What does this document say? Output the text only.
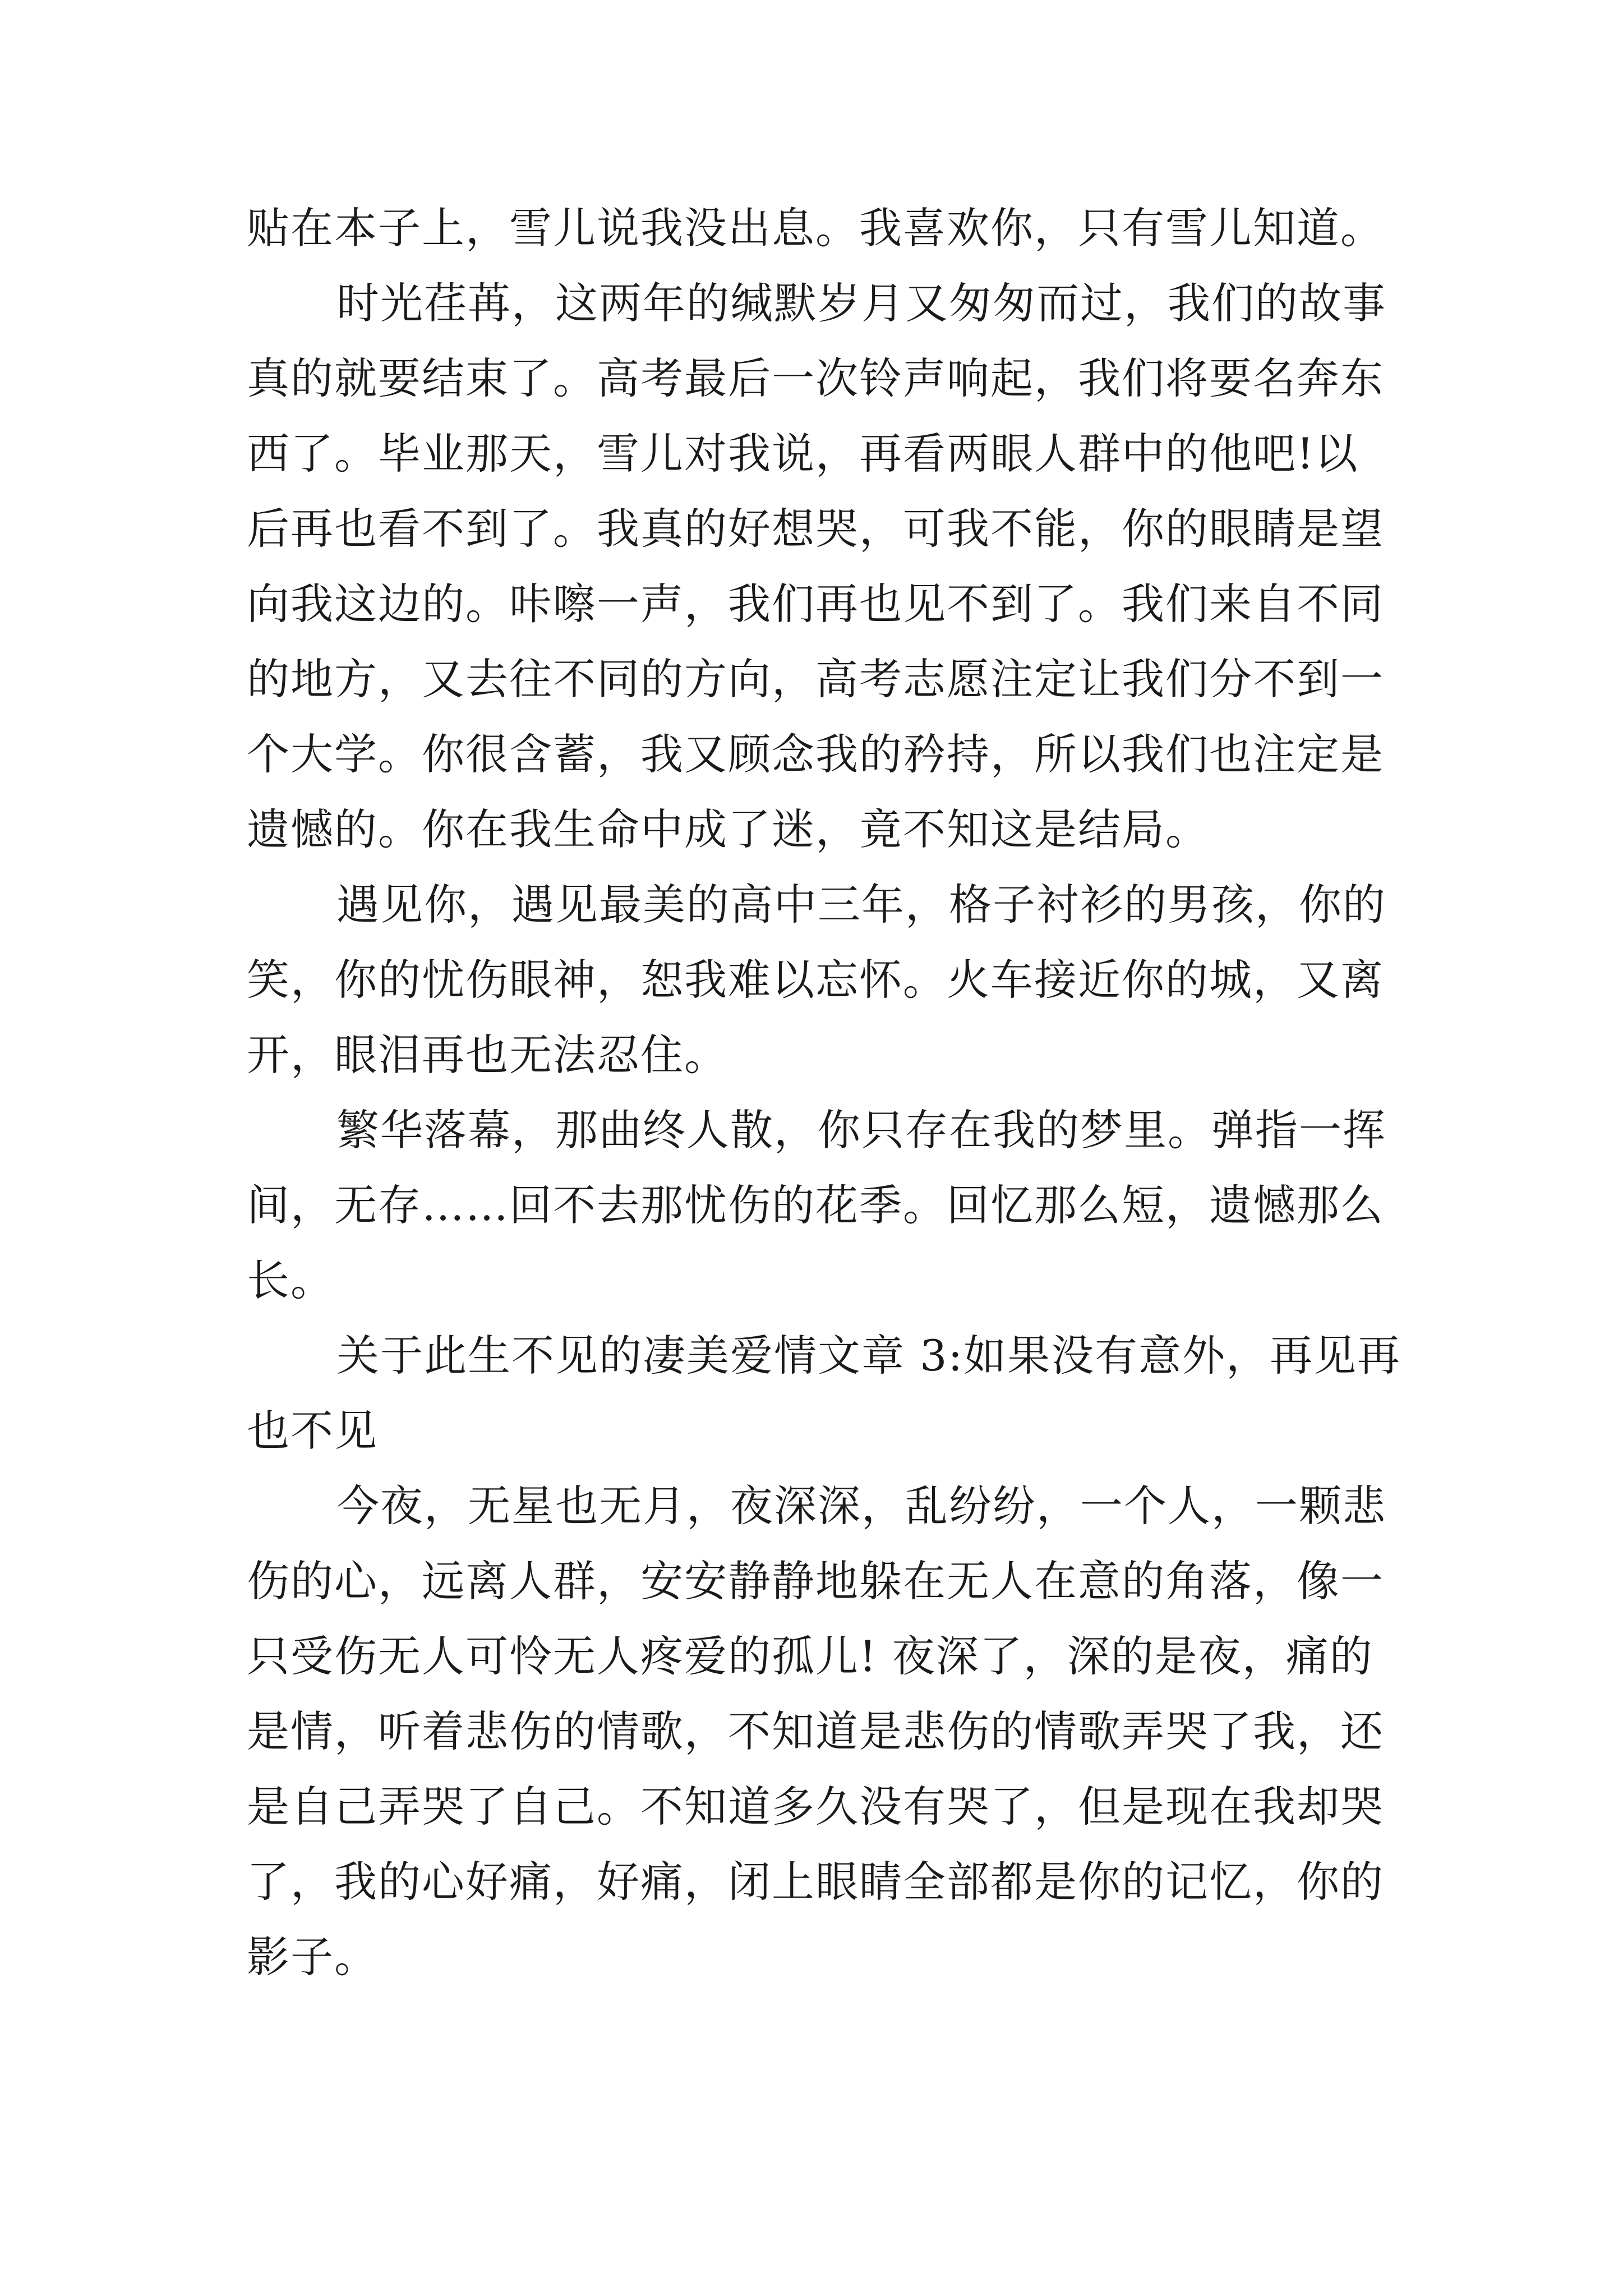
贴在本子上，雪儿说我没出息。我喜欢你，只有雪儿知道。
时光荏苒，这两年的缄默岁月又匆匆而过，我们的故事
真的就要结束了。高考最后一次铃声响起，我们将要名奔东
西了。毕业那天，雪儿对我说，再看两眼人群中的他吧!以
后再也看不到了。我真的好想哭，可我不能，你的眼睛是望
向我这边的。咔嚓一声，我们再也见不到了。我们来自不同
的地方，又去往不同的方向，高考志愿注定让我们分不到一
个大学。你很含蓄，我又顾念我的矜持，所以我们也注定是
遗憾的。你在我生命中成了迷，竟不知这是结局。
遇见你，遇见最美的高中三年，格子衬衫的男孩，你的
笑，你的忧伤眼神，恕我难以忘怀。火车接近你的城，又离
开，眼泪再也无法忍住。
繁华落幕，那曲终人散，你只存在我的梦里。弹指一挥
间，无存……回不去那忧伤的花季。回忆那么短，遗憾那么
长。
关于此生不见的凄美爱情文章 3:如果没有意外，再见再
也不见
今夜，无星也无月，夜深深，乱纷纷，一个人，一颗悲
伤的心，远离人群，安安静静地躲在无人在意的角落，像一
只受伤无人可怜无人疼爱的孤儿! 夜深了，深的是夜，痛的
是情，听着悲伤的情歌，不知道是悲伤的情歌弄哭了我，还
是自己弄哭了自己。不知道多久没有哭了，但是现在我却哭
了，我的心好痛，好痛，闭上眼睛全部都是你的记忆，你的
影子。
